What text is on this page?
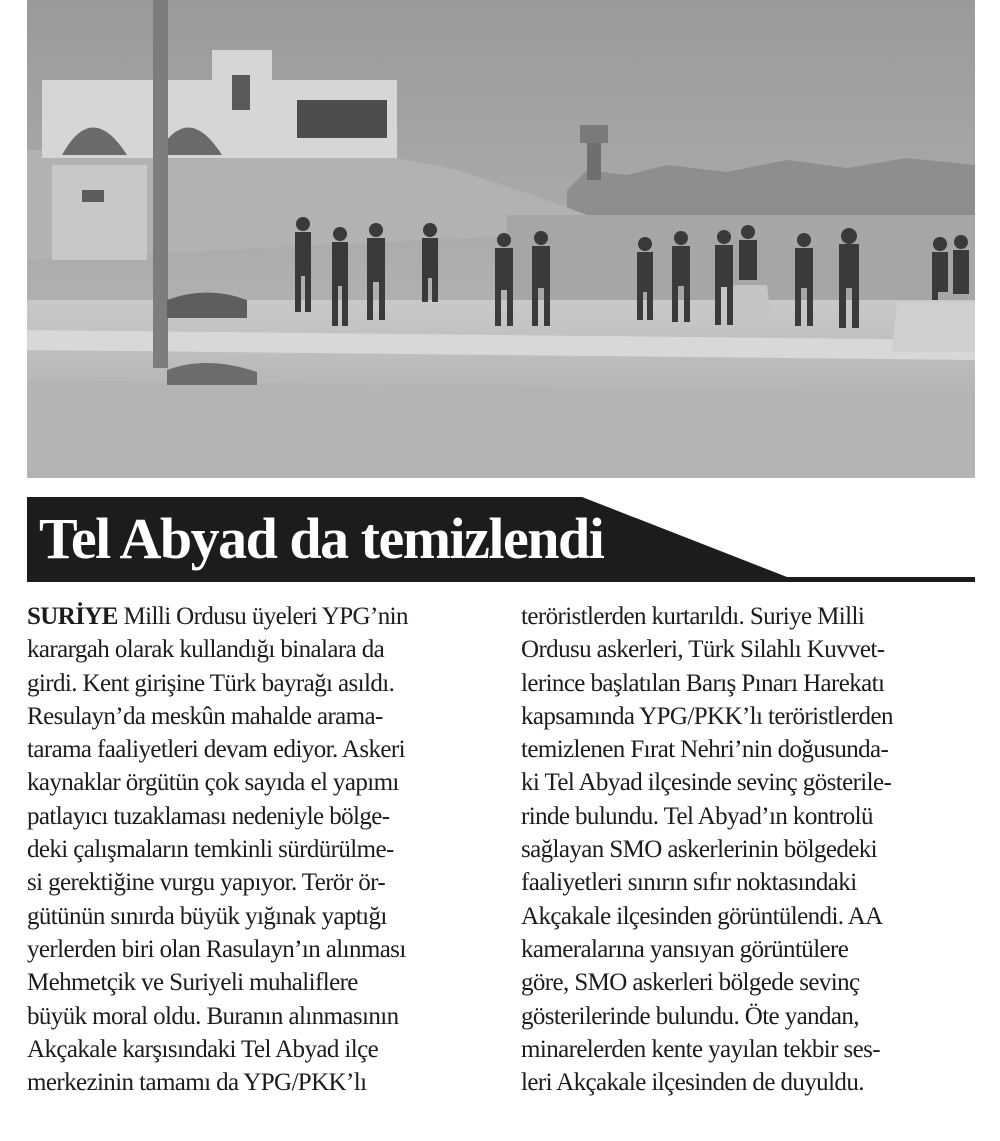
Tel Abyad da temizlendi
SURİYE Milli Ordusu üyeleri YPG’nin
karargah olarak kullandığı binalara da
girdi. Kent girişine Türk bayrağı asıldı.
Resulayn’da meskûn mahalde arama-
tarama faaliyetleri devam ediyor. Askeri
kaynaklar örgütün çok sayıda el yapımı
patlayıcı tuzaklaması nedeniyle bölge-
deki çalışmaların temkinli sürdürülme-
si gerektiğine vurgu yapıyor. Terör ör-
gütünün sınırda büyük yığınak yaptığı
yerlerden biri olan Rasulayn’ın alınması
Mehmetçik ve Suriyeli muhaliflere
büyük moral oldu. Buranın alınmasının
Akçakale karşısındaki Tel Abyad ilçe
merkezinin tamamı da YPG/PKK’lı
teröristlerden kurtarıldı. Suriye Milli
Ordusu askerleri, Türk Silahlı Kuvvet-
lerince başlatılan Barış Pınarı Harekatı
kapsamında YPG/PKK’lı teröristlerden
temizlenen Fırat Nehri’nin doğusunda-
ki Tel Abyad ilçesinde sevinç gösterile-
rinde bulundu. Tel Abyad’ın kontrolü
sağlayan SMO askerlerinin bölgedeki
faaliyetleri sınırın sıfır noktasındaki
Akçakale ilçesinden görüntülendi. AA
kameralarına yansıyan görüntülere
göre, SMO askerleri bölgede sevinç
gösterilerinde bulundu. Öte yandan,
minarelerden kente yayılan tekbir ses-
leri Akçakale ilçesinden de duyuldu.
